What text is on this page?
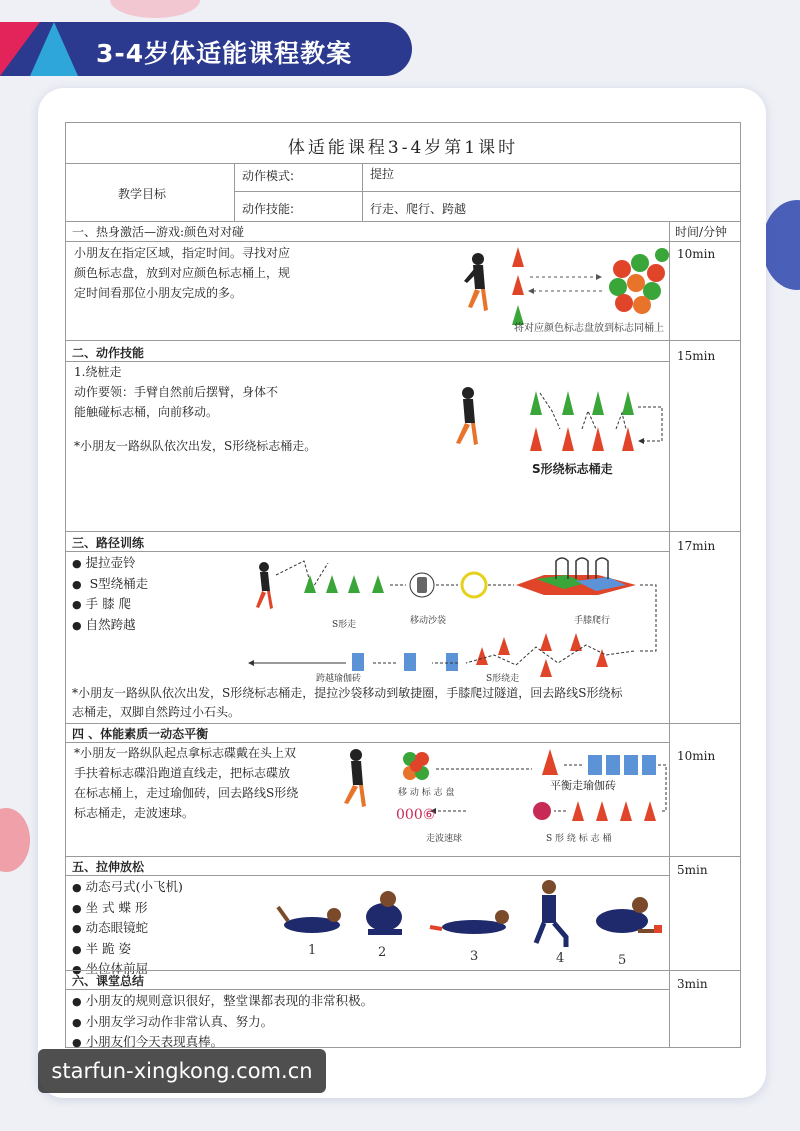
3-4岁体适能课程教案
体适能课程3-4岁第1课时
教学目标
动作模式:	提拉
动作技能:	行走、爬行、跨越
时间/分钟
一、热身激活—游戏:颜色对对碰
10min
小朋友在指定区域，指定时间。寻找对应
颜色标志盘，放到对应颜色标志桶上，规
定时间看那位小朋友完成的多。
将对应颜色标志盘放到标志同桶上
二、动作技能	15min
1.绕桩走
动作要领：手臂自然前后摆臂，身体不
能触碰标志桶，向前移动。
*小朋友一路纵队依次出发，S形绕标志桶走。
S形绕标志桶走
三、路径训练	17min
● 提拉壶铃
● S型绕桶走
● 手 膝 爬
● 自然跨越	S形走	移动沙袋	手膝爬行
跨越瑜伽砖	S形绕走
*小朋友一路纵队依次出发，S形绕标志桶走，提拉沙袋移动到敏捷圈，手膝爬过隧道，回去路线S形绕标
志桶走，双脚自然跨过小石头。
四 、体能素质一动态平衡
10min
*小朋友一路纵队起点拿标志碟戴在头上双
手扶着标志碟沿跑道直线走，把标志碟放
在标志桶上，走过瑜伽砖，回去路线S形绕
标志桶走，走波速球。	000⑥
移 动 标 志 盘
平衡走瑜伽砖
走波速球	S 形 绕 标 志 桶
五、拉伸放松	5min
● 动态弓式(小飞机)
● 坐 式 蝶 形
● 动态眼镜蛇
● 半 跪 姿
● 坐位体前屈
1	2	3	4	5
六、课堂总结	3min
● 小朋友的规则意识很好，整堂课都表现的非常积极。
● 小朋友学习动作非常认真、努力。
● 小朋友们今天表现真棒。
starfun-xingkong.com.cn
